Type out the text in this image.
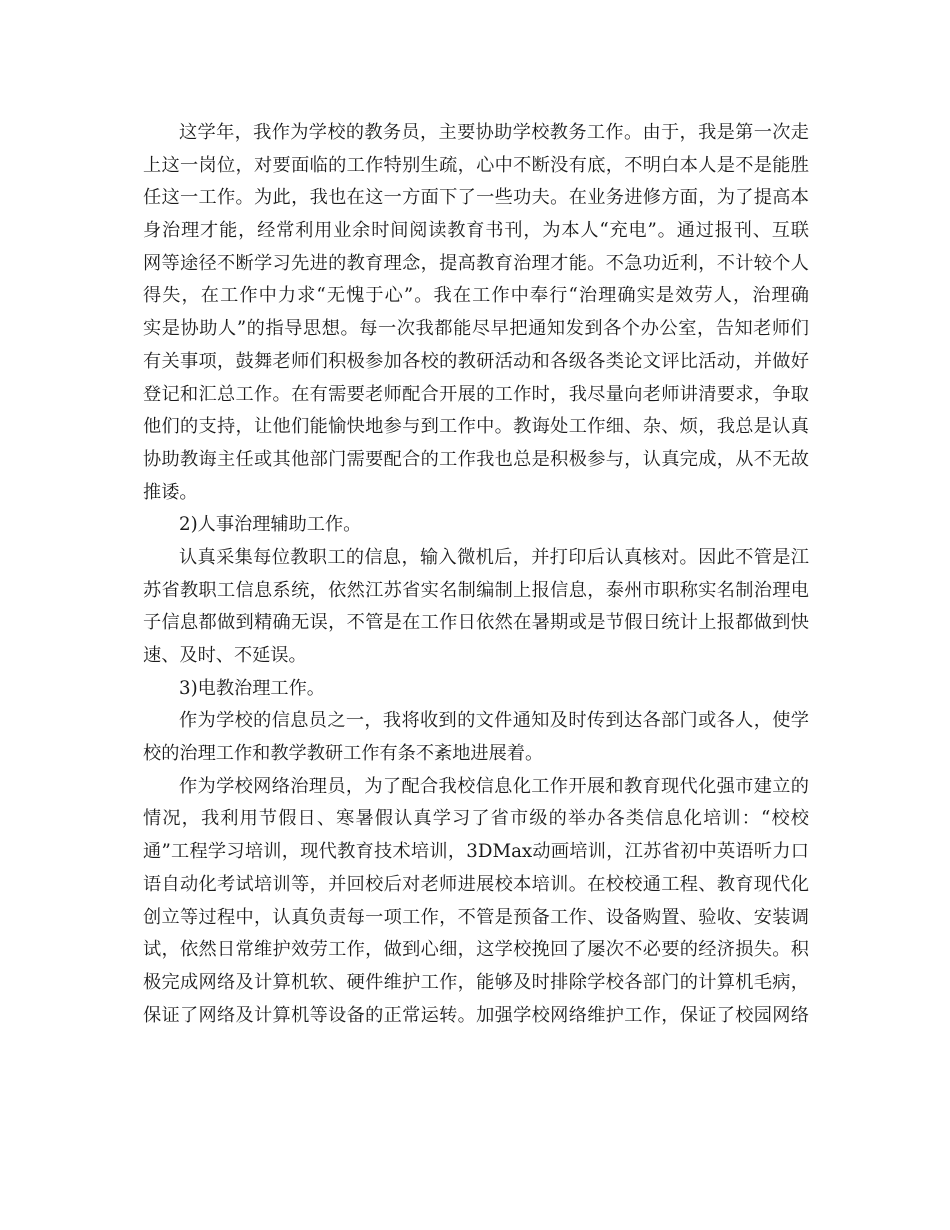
这学年，我作为学校的教务员，主要协助学校教务工作。由于，我是第一次走
上这一岗位，对要面临的工作特别生疏，心中不断没有底，不明白本人是不是能胜
任这一工作。为此，我也在这一方面下了一些功夫。在业务进修方面，为了提高本
身治理才能，经常利用业余时间阅读教育书刊，为本人“充电”。通过报刊、互联
网等途径不断学习先进的教育理念，提高教育治理才能。不急功近利，不计较个人
得失，在工作中力求“无愧于心”。我在工作中奉行“治理确实是效劳人，治理确
实是协助人”的指导思想。每一次我都能尽早把通知发到各个办公室，告知老师们
有关事项，鼓舞老师们积极参加各校的教研活动和各级各类论文评比活动，并做好
登记和汇总工作。在有需要老师配合开展的工作时，我尽量向老师讲清要求，争取
他们的支持，让他们能愉快地参与到工作中。教诲处工作细、杂、烦，我总是认真
协助教诲主任或其他部门需要配合的工作我也总是积极参与，认真完成，从不无故
推诿。
2)人事治理辅助工作。
认真采集每位教职工的信息，输入微机后，并打印后认真核对。因此不管是江
苏省教职工信息系统，依然江苏省实名制编制上报信息，泰州市职称实名制治理电
子信息都做到精确无误，不管是在工作日依然在暑期或是节假日统计上报都做到快
速、及时、不延误。
3)电教治理工作。
作为学校的信息员之一，我将收到的文件通知及时传到达各部门或各人，使学
校的治理工作和教学教研工作有条不紊地进展着。
作为学校网络治理员，为了配合我校信息化工作开展和教育现代化强市建立的
情况，我利用节假日、寒暑假认真学习了省市级的举办各类信息化培训：“校校
通”工程学习培训，现代教育技术培训，3DMax动画培训，江苏省初中英语听力口
语自动化考试培训等，并回校后对老师进展校本培训。在校校通工程、教育现代化
创立等过程中，认真负责每一项工作，不管是预备工作、设备购置、验收、安装调
试，依然日常维护效劳工作，做到心细，这学校挽回了屡次不必要的经济损失。积
极完成网络及计算机软、硬件维护工作，能够及时排除学校各部门的计算机毛病，
保证了网络及计算机等设备的正常运转。加强学校网络维护工作，保证了校园网络
